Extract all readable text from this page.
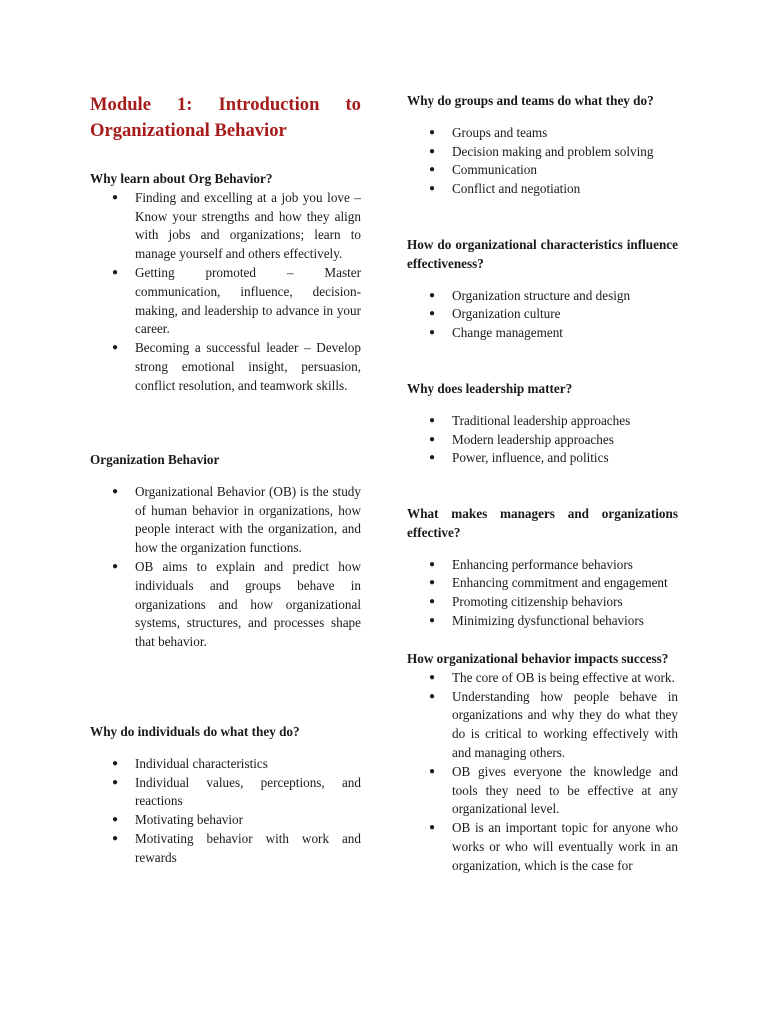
Module 1: Introduction to
Organizational Behavior

Why learn about Org Behavior?

● Finding and excelling at a job you love – Know your strengths and how they align with jobs and organizations; learn to manage yourself and others effectively.
● Getting promoted – Master communication, influence, decision-making, and leadership to advance in your career.
● Becoming a successful leader – Develop strong emotional insight, persuasion, conflict resolution, and teamwork skills.

Organization Behavior

● Organizational Behavior (OB) is the study of human behavior in organizations, how people interact with the organization, and how the organization functions.
● OB aims to explain and predict how individuals and groups behave in organizations and how organizational systems, structures, and processes shape that behavior.

Why do individuals do what they do?

● Individual characteristics
● Individual values, perceptions, and reactions
● Motivating behavior
● Motivating behavior with work and rewards

Why do groups and teams do what they do?

● Groups and teams
● Decision making and problem solving
● Communication
● Conflict and negotiation

How do organizational characteristics influence effectiveness?

● Organization structure and design
● Organization culture
● Change management

Why does leadership matter?

● Traditional leadership approaches
● Modern leadership approaches
● Power, influence, and politics

What makes managers and organizations effective?

● Enhancing performance behaviors
● Enhancing commitment and engagement
● Promoting citizenship behaviors
● Minimizing dysfunctional behaviors

How organizational behavior impacts success?

● The core of OB is being effective at work.
● Understanding how people behave in organizations and why they do what they do is critical to working effectively with and managing others.
● OB gives everyone the knowledge and tools they need to be effective at any organizational level.
● OB is an important topic for anyone who works or who will eventually work in an organization, which is the case for
